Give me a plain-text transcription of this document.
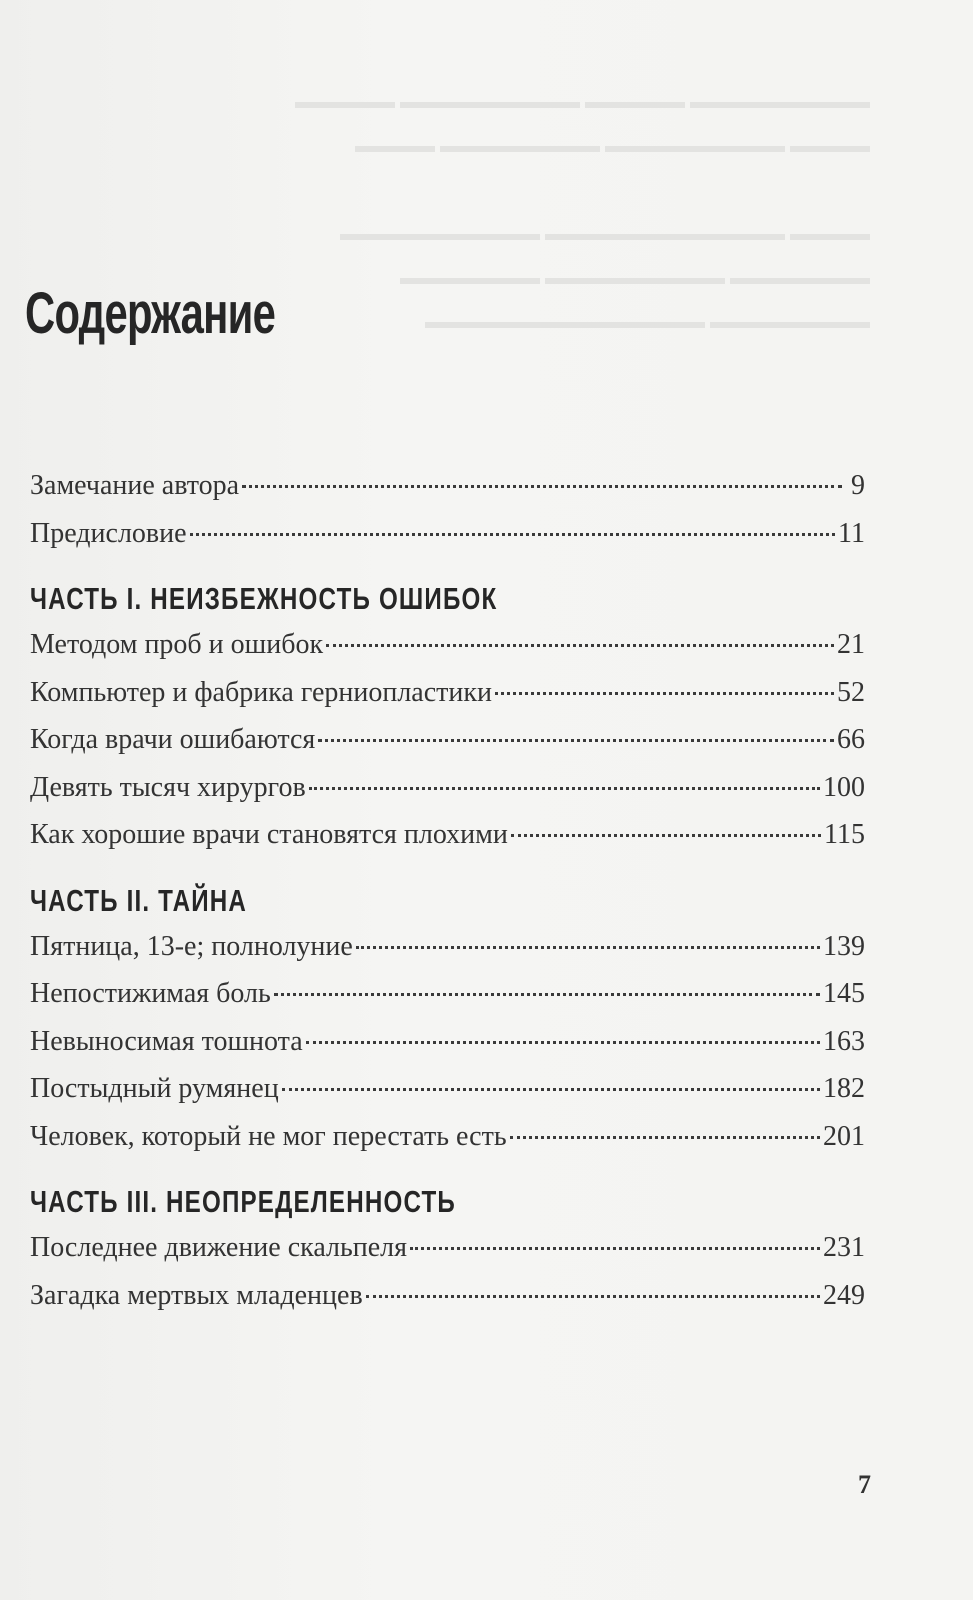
▬▬▬▬▬▬▬▬▬ ▬▬▬▬▬ ▬▬▬▬▬▬▬▬▬ ▬▬▬▬▬
▬▬▬▬ ▬▬▬▬▬▬▬▬▬ ▬▬▬▬▬▬▬▬ ▬▬▬▬

▬▬▬▬ ▬▬▬▬▬▬▬▬▬▬▬▬ ▬▬▬▬▬▬▬▬▬▬
▬▬▬▬▬▬▬ ▬▬▬▬▬▬▬▬▬ ▬▬▬▬▬▬▬
▬▬▬▬▬▬▬▬ ▬▬▬▬▬▬▬▬▬▬▬▬▬▬
Содержание
Замечание автора	9
Предисловие	11
ЧАСТЬ I. НЕИЗБЕЖНОСТЬ ОШИБОК
Методом проб и ошибок	21
Компьютер и фабрика герниопластики	52
Когда врачи ошибаются	66
Девять тысяч хирургов	100
Как хорошие врачи становятся плохими	115
ЧАСТЬ II. ТАЙНА
Пятница, 13-е; полнолуние	139
Непостижимая боль	145
Невыносимая тошнота	163
Постыдный румянец	182
Человек, который не мог перестать есть	201
ЧАСТЬ III. НЕОПРЕДЕЛЕННОСТЬ
Последнее движение скальпеля	231
Загадка мертвых младенцев	249
7
